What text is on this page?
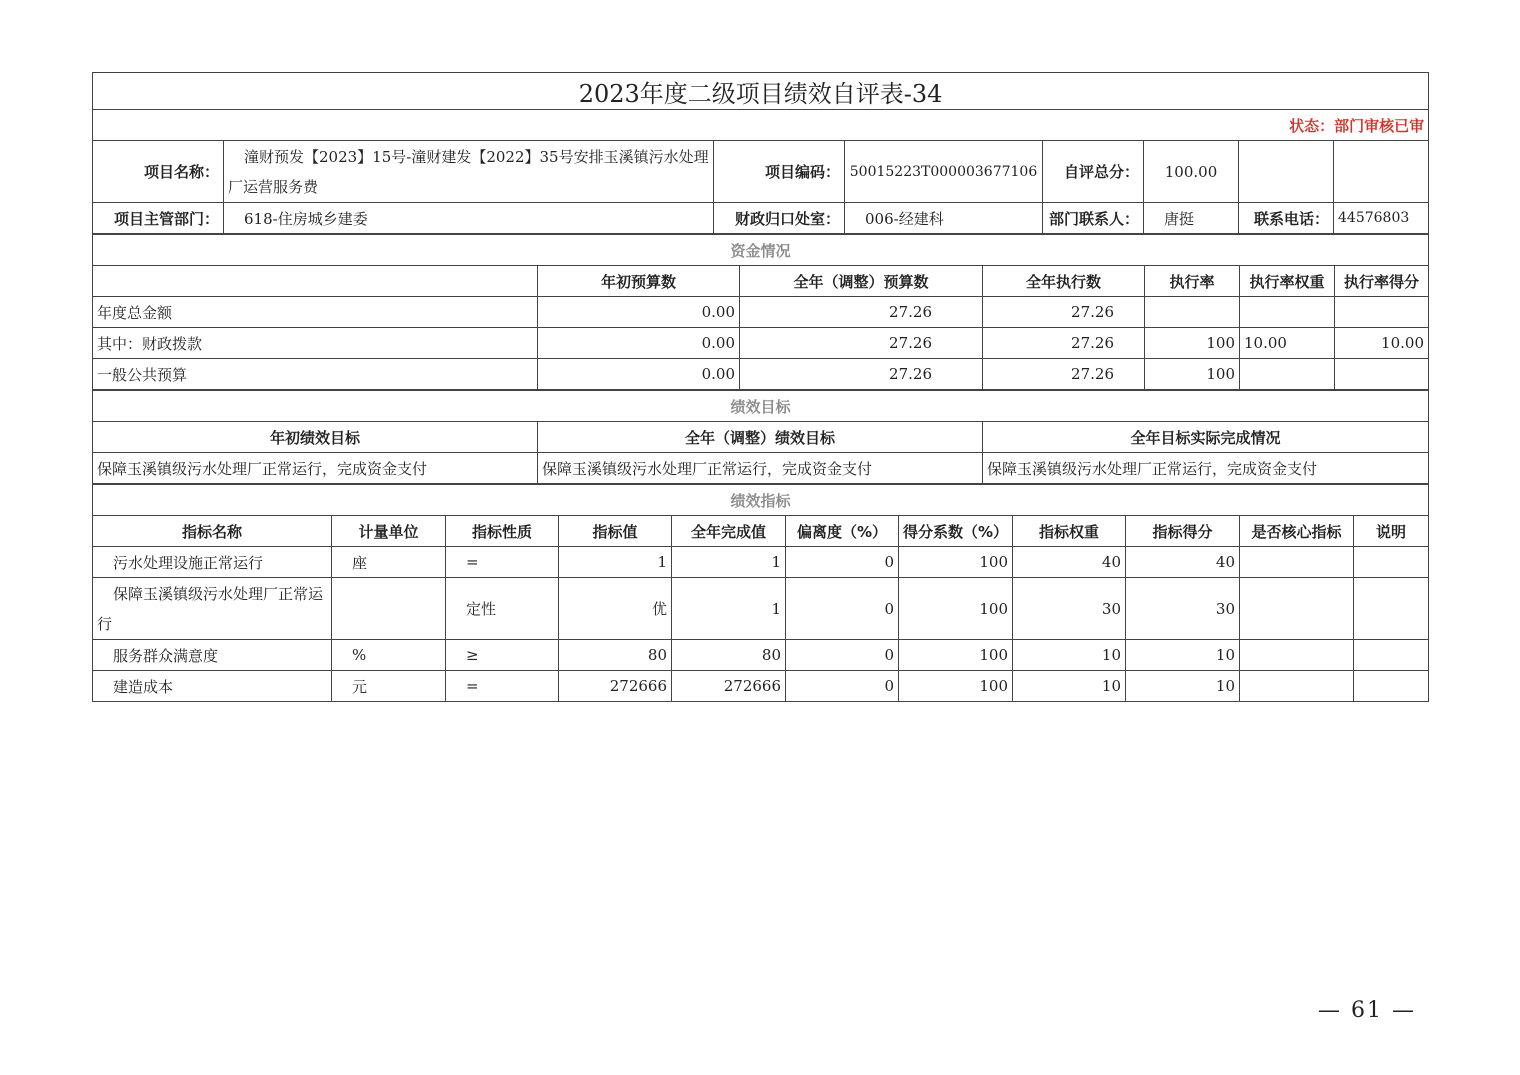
2023年度二级项目绩效自评表-34							
状态：部门审核已审							
项目名称：	潼财预发【2023】15号-潼财建发【2022】35号安排玉溪镇污水处理厂运营服务费	项目编码：	50015223T000003677106	自评总分：	100.00		
项目主管部门：	618-住房城乡建委	财政归口处室：	006-经建科	部门联系人：	唐挺	联系电话：	44576803
资金情况						
	年初预算数	全年（调整）预算数	全年执行数	执行率	执行率权重	执行率得分
年度总金额	0.00	27.26	27.26			
其中：财政拨款	0.00	27.26	27.26	100	10.00	10.00
一般公共预算	0.00	27.26	27.26	100		
绩效目标		
年初绩效目标	全年（调整）绩效目标	全年目标实际完成情况
保障玉溪镇级污水处理厂正常运行，完成资金支付	保障玉溪镇级污水处理厂正常运行，完成资金支付	保障玉溪镇级污水处理厂正常运行，完成资金支付
绩效指标										
指标名称	计量单位	指标性质	指标值	全年完成值	偏离度（%）	得分系数（%）	指标权重	指标得分	是否核心指标	说明
污水处理设施正常运行	座	=	1	1	0	100	40	40		
保障玉溪镇级污水处理厂正常运行		定性	优	1	0	100	30	30		
服务群众满意度	%	≥	80	80	0	100	10	10		
建造成本	元	=	272666	272666	0	100	10	10		
— 61 —
